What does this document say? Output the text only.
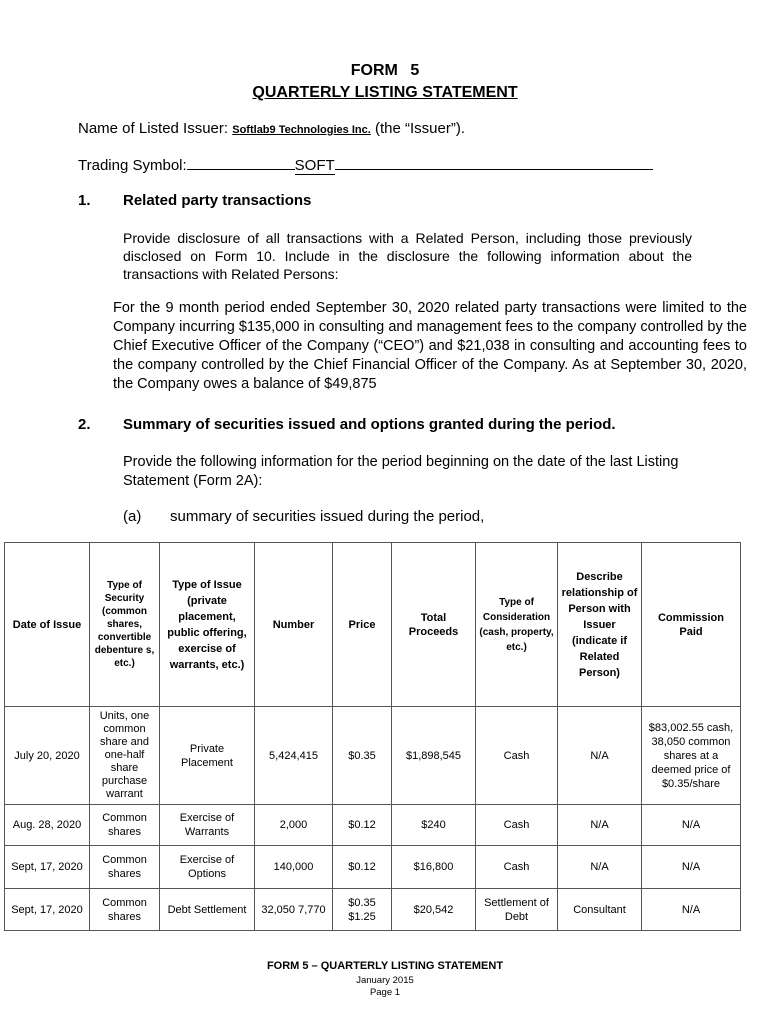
FORM 5
QUARTERLY LISTING STATEMENT
Name of Listed Issuer: Softlab9 Technologies Inc. (the “Issuer”).
Trading Symbol:	SOFT
1. Related party transactions
Provide disclosure of all transactions with a Related Person, including those previously disclosed on Form 10. Include in the disclosure the following information about the transactions with Related Persons:
For the 9 month period ended September 30, 2020 related party transactions were limited to the Company incurring $135,000 in consulting and management fees to the company controlled by the Chief Executive Officer of the Company (“CEO”) and $21,038 in consulting and accounting fees to the company controlled by the Chief Financial Officer of the Company. As at September 30, 2020, the Company owes a balance of $49,875
2. Summary of securities issued and options granted during the period.
Provide the following information for the period beginning on the date of the last Listing Statement (Form 2A):
(a) summary of securities issued during the period,
Date of Issue	Type of Security (common shares, convertible debenture s, etc.)	Type of Issue (private placement, public offering, exercise of warrants, etc.)	Number	Price	Total Proceeds	Type of Consideration (cash, property, etc.)	Describe relationship of Person with Issuer (indicate if Related Person)	Commission Paid
July 20, 2020	Units, one common share and one-half share purchase warrant	Private Placement	5,424,415	$0.35	$1,898,545	Cash	N/A	$83,002.55 cash, 38,050 common shares at a deemed price of $0.35/share
Aug. 28, 2020	Common shares	Exercise of Warrants	2,000	$0.12	$240	Cash	N/A	N/A
Sept, 17, 2020	Common shares	Exercise of Options	140,000	$0.12	$16,800	Cash	N/A	N/A
Sept, 17, 2020	Common shares	Debt Settlement	32,050 7,770	$0.35 $1.25	$20,542	Settlement of Debt	Consultant	N/A
FORM 5 – QUARTERLY LISTING STATEMENT
January 2015
Page 1
